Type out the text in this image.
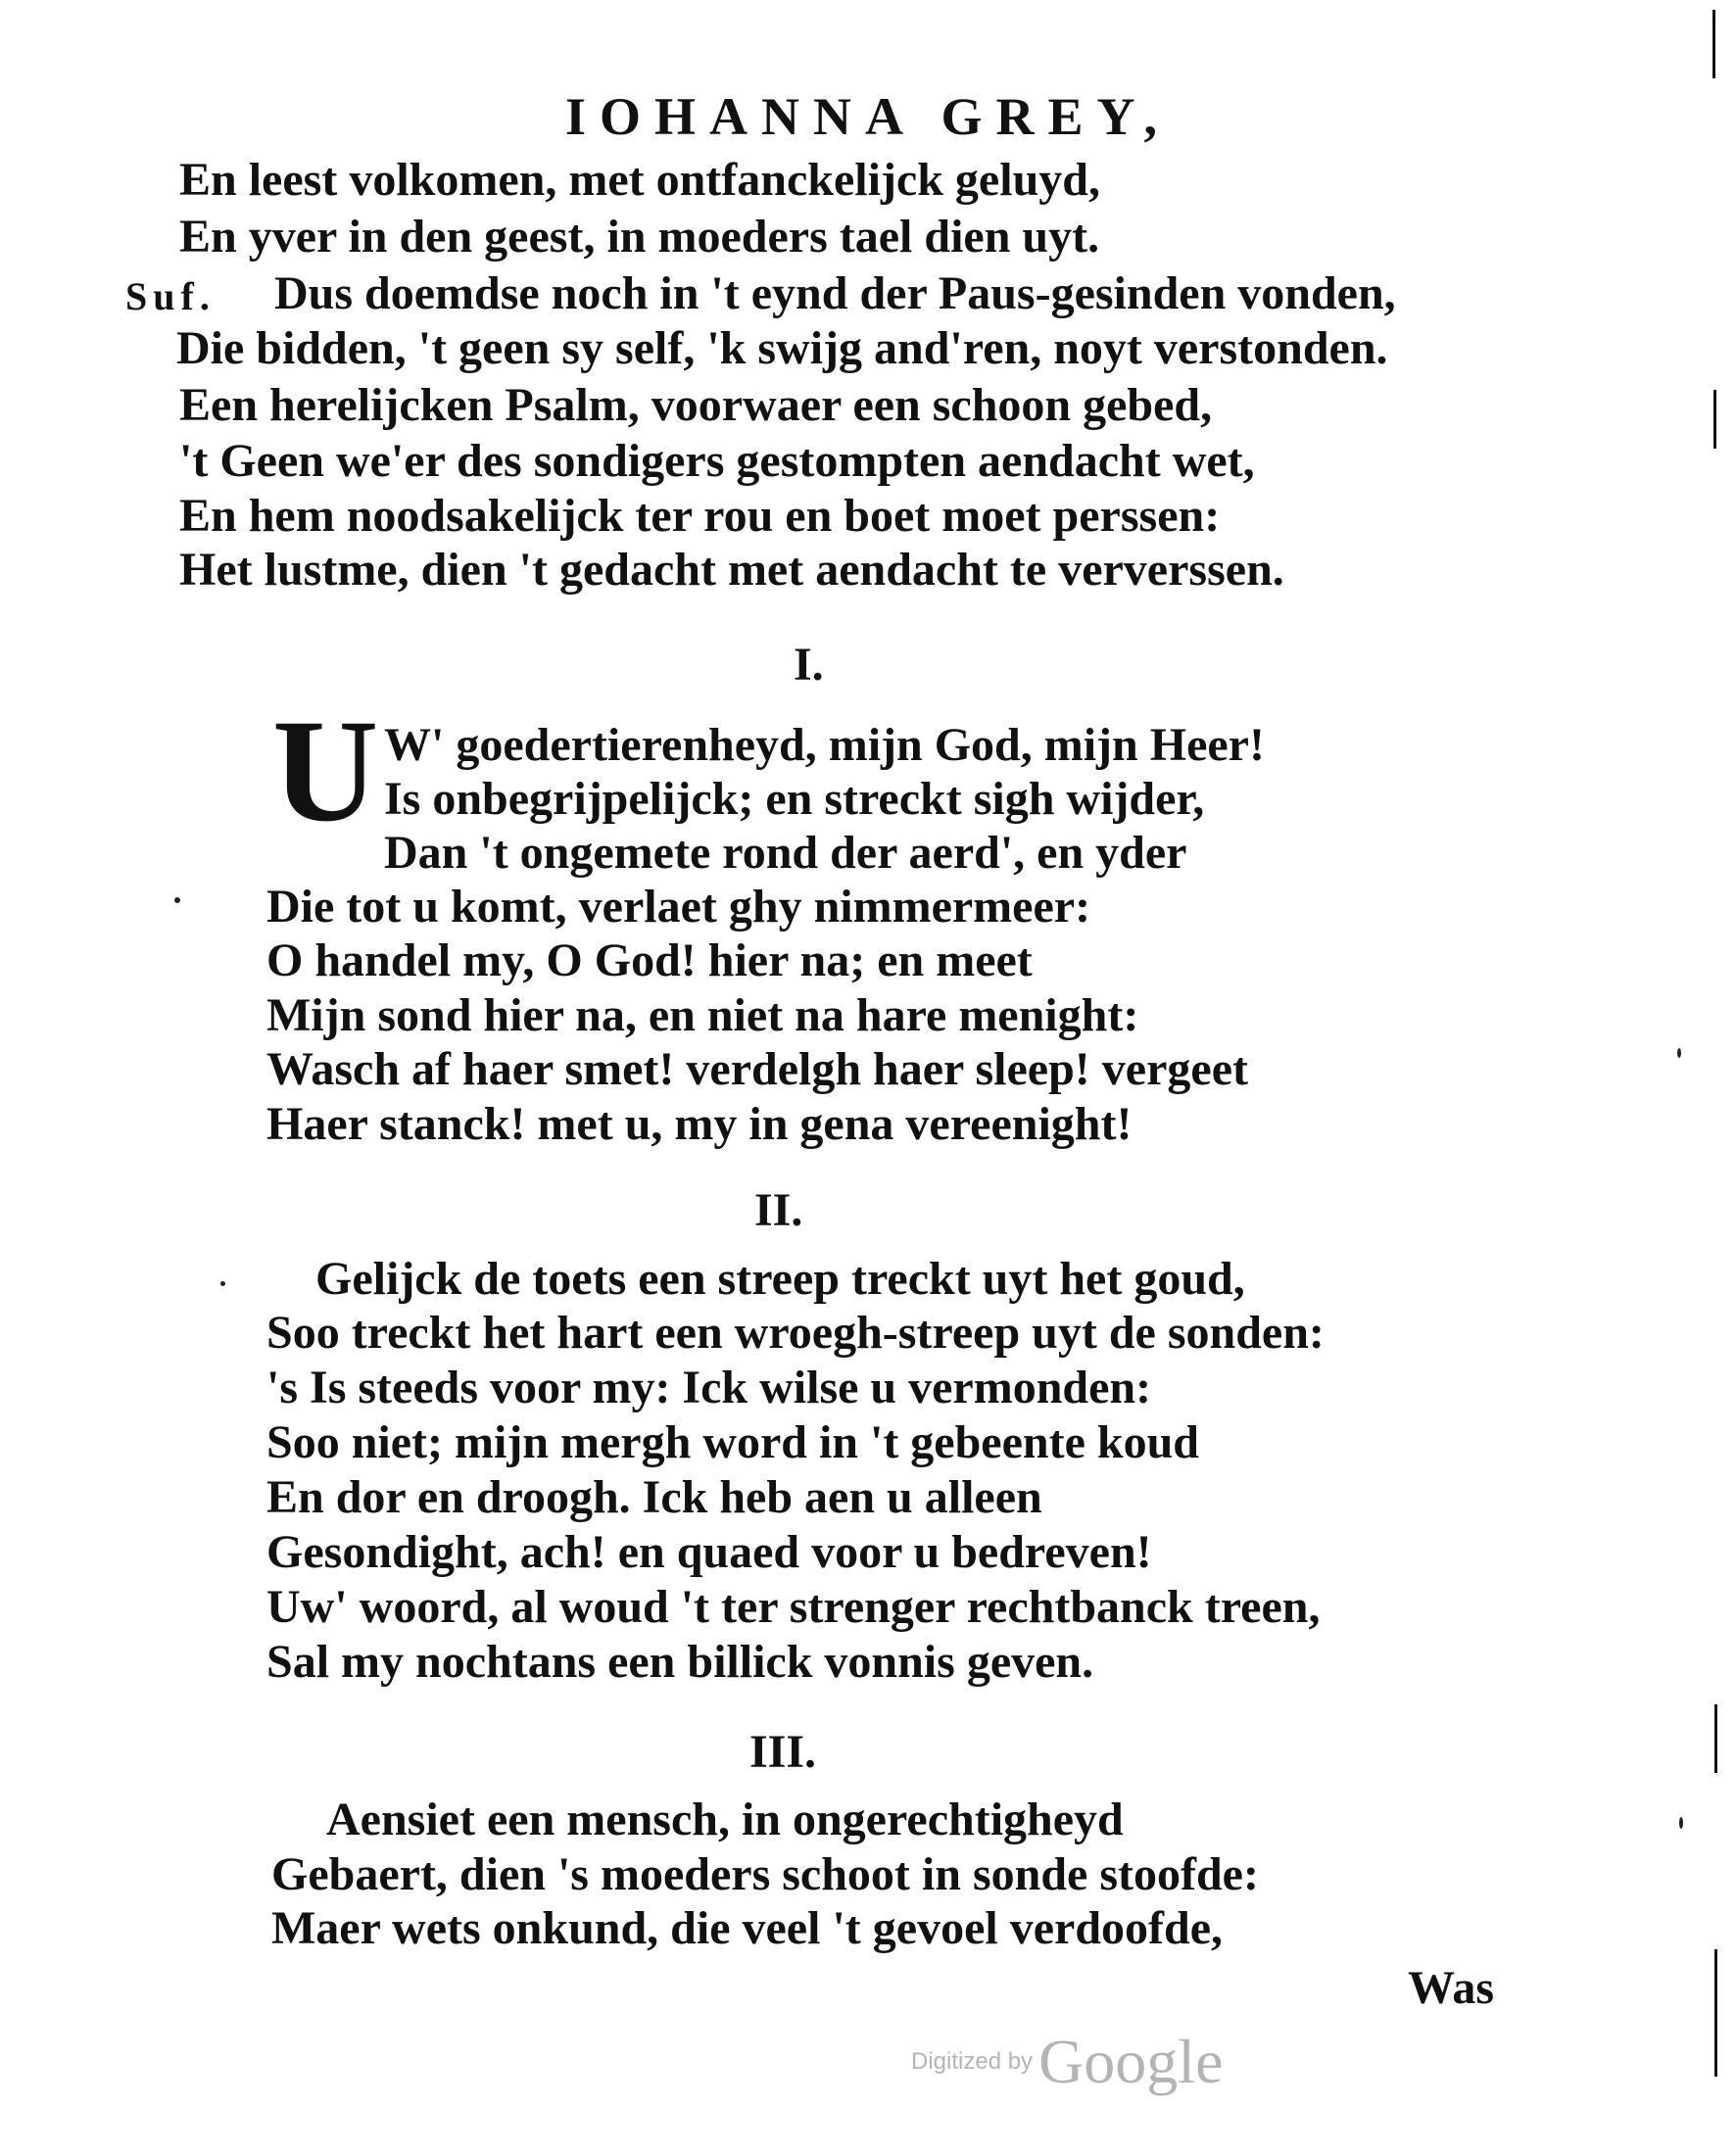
IOHANNA GREY,
En leest volkomen, met ontfanckelijck geluyd,
En yver in den geest, in moeders tael dien uyt.
Suf. Dus doemdse noch in 't eynd der Paus-gesinden vonden,
Die bidden, 't geen sy self, 'k swijg and'ren, noyt verstonden.
Een herelijcken Psalm, voorwaer een schoon gebed,
't Geen we'er des sondigers gestompten aendacht wet,
En hem noodsakelijck ter rou en boet moet perssen:
Het lustme, dien 't gedacht met aendacht te ververssen.
I.
U W' goedertierenheyd, mijn God, mijn Heer!
Is onbegrijpelijck; en streckt sigh wijder,
Dan 't ongemete rond der aerd', en yder
Die tot u komt, verlaet ghy nimmermeer:
O handel my, O God! hier na; en meet
Mijn sond hier na, en niet na hare menight:
Wasch af haer smet! verdelgh haer sleep! vergeet
Haer stanck! met u, my in gena vereenight!
II.
Gelijck de toets een streep treckt uyt het goud,
Soo treckt het hart een wroegh-streep uyt de sonden:
's Is steeds voor my: Ick wilse u vermonden:
Soo niet; mijn mergh word in 't gebeente koud
En dor en droogh. Ick heb aen u alleen
Gesondight, ach! en quaed voor u bedreven!
Uw' woord, al woud 't ter strenger rechtbanck treen,
Sal my nochtans een billick vonnis geven.
III.
Aensiet een mensch, in ongerechtigheyd
Gebaert, dien 's moeders schoot in sonde stoofde:
Maer wets onkund, die veel 't gevoel verdoofde,
Was
Digitized byGoogle
